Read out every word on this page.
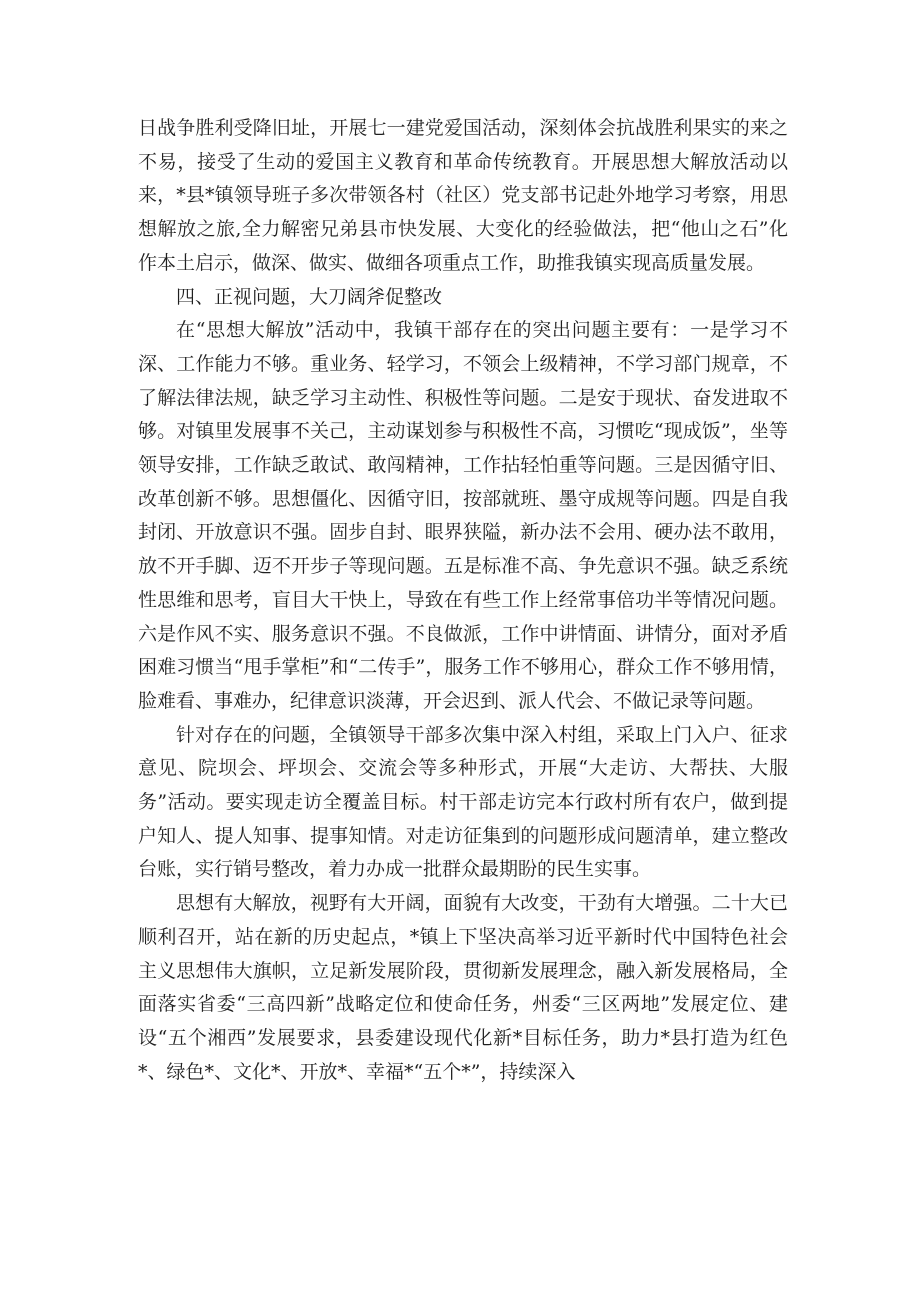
日战争胜利受降旧址，开展七一建党爱国活动，深刻体会抗战胜利果实的来之不易，接受了生动的爱国主义教育和革命传统教育。开展思想大解放活动以来，*县*镇领导班子多次带领各村（社区）党支部书记赴外地学习考察，用思想解放之旅,全力解密兄弟县市快发展、大变化的经验做法，把“他山之石”化作本土启示，做深、做实、做细各项重点工作，助推我镇实现高质量发展。

四、正视问题，大刀阔斧促整改

在“思想大解放”活动中，我镇干部存在的突出问题主要有：一是学习不深、工作能力不够。重业务、轻学习，不领会上级精神，不学习部门规章，不了解法律法规，缺乏学习主动性、积极性等问题。二是安于现状、奋发进取不够。对镇里发展事不关己，主动谋划参与积极性不高，习惯吃“现成饭”，坐等领导安排，工作缺乏敢试、敢闯精神，工作拈轻怕重等问题。三是因循守旧、改革创新不够。思想僵化、因循守旧，按部就班、墨守成规等问题。四是自我封闭、开放意识不强。固步自封、眼界狭隘，新办法不会用、硬办法不敢用，放不开手脚、迈不开步子等现问题。五是标准不高、争先意识不强。缺乏系统性思维和思考，盲目大干快上，导致在有些工作上经常事倍功半等情况问题。六是作风不实、服务意识不强。不良做派，工作中讲情面、讲情分，面对矛盾困难习惯当“甩手掌柜”和“二传手”，服务工作不够用心，群众工作不够用情，脸难看、事难办，纪律意识淡薄，开会迟到、派人代会、不做记录等问题。

针对存在的问题，全镇领导干部多次集中深入村组，采取上门入户、征求意见、院坝会、坪坝会、交流会等多种形式，开展“大走访、大帮扶、大服务”活动。要实现走访全覆盖目标。村干部走访完本行政村所有农户，做到提户知人、提人知事、提事知情。对走访征集到的问题形成问题清单，建立整改台账，实行销号整改，着力办成一批群众最期盼的民生实事。

思想有大解放，视野有大开阔，面貌有大改变，干劲有大增强。二十大已顺利召开，站在新的历史起点，*镇上下坚决高举习近平新时代中国特色社会主义思想伟大旗帜，立足新发展阶段，贯彻新发展理念，融入新发展格局，全面落实省委“三高四新”战略定位和使命任务，州委“三区两地”发展定位、建设“五个湘西”发展要求，县委建设现代化新*目标任务，助力*县打造为红色*、绿色*、文化*、开放*、幸福*“五个*”，持续深入
